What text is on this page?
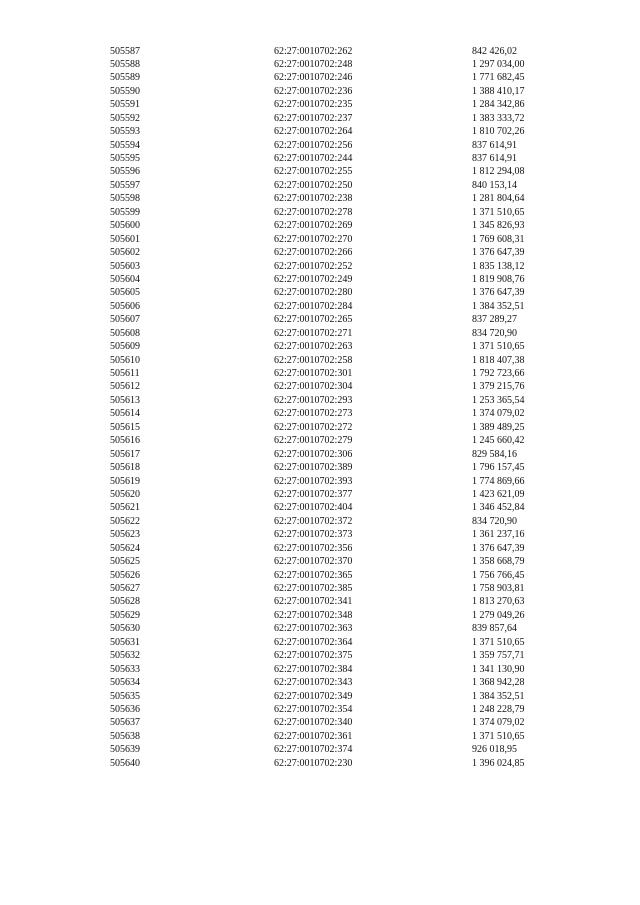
505587	62:27:0010702:262	842 426,02
505588	62:27:0010702:248	1 297 034,00
505589	62:27:0010702:246	1 771 682,45
505590	62:27:0010702:236	1 388 410,17
505591	62:27:0010702:235	1 284 342,86
505592	62:27:0010702:237	1 383 333,72
505593	62:27:0010702:264	1 810 702,26
505594	62:27:0010702:256	837 614,91
505595	62:27:0010702:244	837 614,91
505596	62:27:0010702:255	1 812 294,08
505597	62:27:0010702:250	840 153,14
505598	62:27:0010702:238	1 281 804,64
505599	62:27:0010702:278	1 371 510,65
505600	62:27:0010702:269	1 345 826,93
505601	62:27:0010702:270	1 769 608,31
505602	62:27:0010702:266	1 376 647,39
505603	62:27:0010702:252	1 835 138,12
505604	62:27:0010702:249	1 819 908,76
505605	62:27:0010702:280	1 376 647,39
505606	62:27:0010702:284	1 384 352,51
505607	62:27:0010702:265	837 289,27
505608	62:27:0010702:271	834 720,90
505609	62:27:0010702:263	1 371 510,65
505610	62:27:0010702:258	1 818 407,38
505611	62:27:0010702:301	1 792 723,66
505612	62:27:0010702:304	1 379 215,76
505613	62:27:0010702:293	1 253 365,54
505614	62:27:0010702:273	1 374 079,02
505615	62:27:0010702:272	1 389 489,25
505616	62:27:0010702:279	1 245 660,42
505617	62:27:0010702:306	829 584,16
505618	62:27:0010702:389	1 796 157,45
505619	62:27:0010702:393	1 774 869,66
505620	62:27:0010702:377	1 423 621,09
505621	62:27:0010702:404	1 346 452,84
505622	62:27:0010702:372	834 720,90
505623	62:27:0010702:373	1 361 237,16
505624	62:27:0010702:356	1 376 647,39
505625	62:27:0010702:370	1 358 668,79
505626	62:27:0010702:365	1 756 766,45
505627	62:27:0010702:385	1 758 903,81
505628	62:27:0010702:341	1 813 270,63
505629	62:27:0010702:348	1 279 049,26
505630	62:27:0010702:363	839 857,64
505631	62:27:0010702:364	1 371 510,65
505632	62:27:0010702:375	1 359 757,71
505633	62:27:0010702:384	1 341 130,90
505634	62:27:0010702:343	1 368 942,28
505635	62:27:0010702:349	1 384 352,51
505636	62:27:0010702:354	1 248 228,79
505637	62:27:0010702:340	1 374 079,02
505638	62:27:0010702:361	1 371 510,65
505639	62:27:0010702:374	926 018,95
505640	62:27:0010702:230	1 396 024,85
